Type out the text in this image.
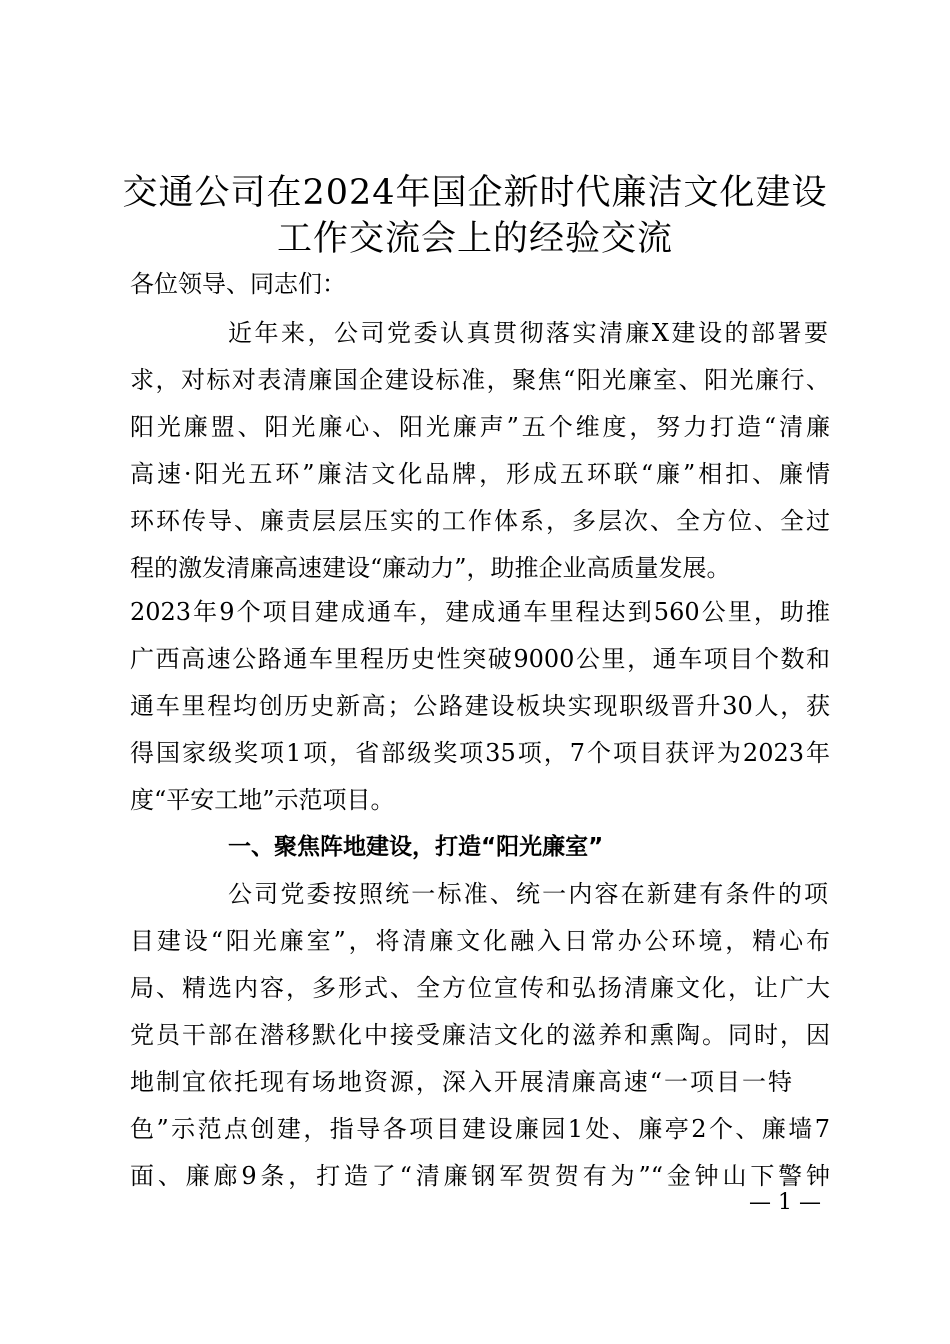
交通公司在2024年国企新时代廉洁文化建设
工作交流会上的经验交流
各位领导、同志们：
近年来，公司党委认真贯彻落实清廉X建设的部署要
求，对标对表清廉国企建设标准，聚焦“阳光廉室、阳光廉行、
阳光廉盟、阳光廉心、阳光廉声”五个维度，努力打造“清廉
高速·阳光五环”廉洁文化品牌，形成五环联“廉”相扣、廉情
环环传导、廉责层层压实的工作体系，多层次、全方位、全过
程的激发清廉高速建设“廉动力”，助推企业高质量发展。
2023年9个项目建成通车，建成通车里程达到560公里，助推
广西高速公路通车里程历史性突破9000公里，通车项目个数和
通车里程均创历史新高；公路建设板块实现职级晋升30人，获
得国家级奖项1项，省部级奖项35项，7个项目获评为2023年
度“平安工地”示范项目。
一、聚焦阵地建设，打造“阳光廉室”
公司党委按照统一标准、统一内容在新建有条件的项
目建设“阳光廉室”，将清廉文化融入日常办公环境，精心布
局、精选内容，多形式、全方位宣传和弘扬清廉文化，让广大
党员干部在潜移默化中接受廉洁文化的滋养和熏陶。同时，因
地制宜依托现有场地资源，深入开展清廉高速“一项目一特
色”示范点创建，指导各项目建设廉园1处、廉亭2个、廉墙7
面、廉廊9条，打造了“清廉钢军贺贺有为”“金钟山下警钟
— 1 —
